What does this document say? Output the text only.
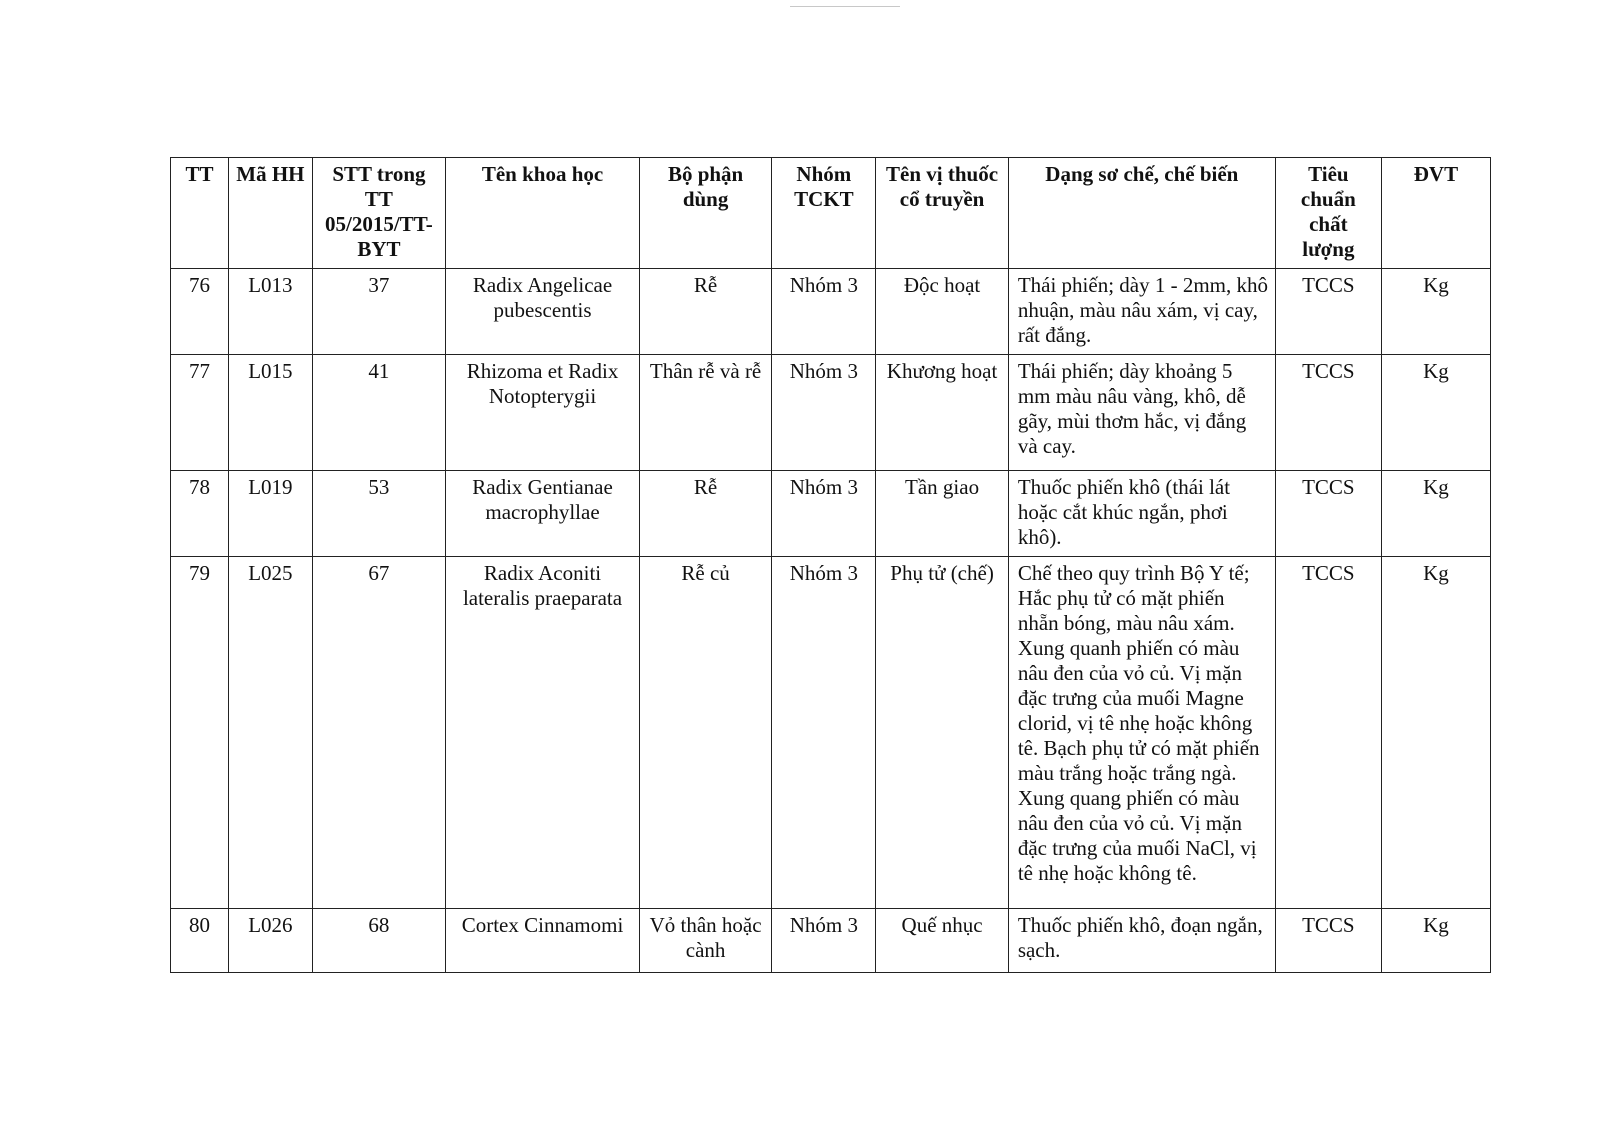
TT	Mã HH	STT trong TT 05/2015/TT-BYT	Tên khoa học	Bộ phận dùng	Nhóm TCKT	Tên vị thuốc cổ truyền	Dạng sơ chế, chế biến	Tiêu chuẩn chất lượng	ĐVT
76	L013	37	Radix Angelicae pubescentis	Rễ	Nhóm 3	Độc hoạt	Thái phiến; dày 1 - 2mm, khô nhuận, màu nâu xám, vị cay, rất đắng.	TCCS	Kg
77	L015	41	Rhizoma et Radix Notopterygii	Thân rễ và rễ	Nhóm 3	Khương hoạt	Thái phiến; dày khoảng 5 mm màu nâu vàng, khô, dễ gãy, mùi thơm hắc, vị đắng và cay.	TCCS	Kg
78	L019	53	Radix Gentianae macrophyllae	Rễ	Nhóm 3	Tần giao	Thuốc phiến khô (thái lát hoặc cắt khúc ngắn, phơi khô).	TCCS	Kg
79	L025	67	Radix Aconiti lateralis praeparata	Rễ củ	Nhóm 3	Phụ tử (chế)	Chế theo quy trình Bộ Y tế; Hắc phụ tử có mặt phiến nhẵn bóng, màu nâu xám. Xung quanh phiến có màu nâu đen của vỏ củ. Vị mặn đặc trưng của muối Magne clorid, vị tê nhẹ hoặc không tê. Bạch phụ tử có mặt phiến màu trắng hoặc trắng ngà. Xung quang phiến có màu nâu đen của vỏ củ. Vị mặn đặc trưng của muối NaCl, vị tê nhẹ hoặc không tê.	TCCS	Kg
80	L026	68	Cortex Cinnamomi	Vỏ thân hoặc cành	Nhóm 3	Quế nhục	Thuốc phiến khô, đoạn ngắn, sạch.	TCCS	Kg
